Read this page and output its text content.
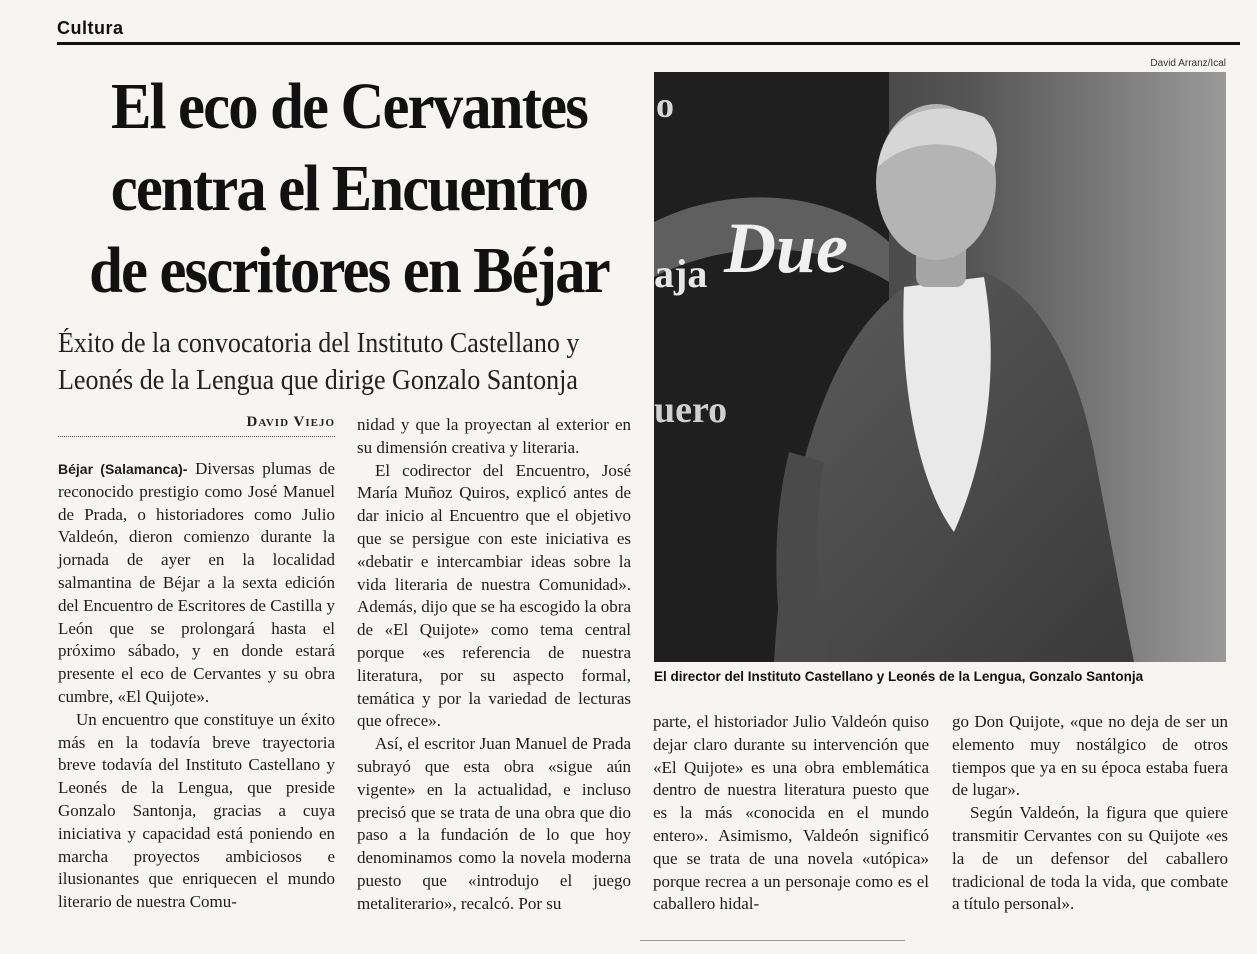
Cultura
El eco de Cervantes centra el Encuentro de escritores en Béjar

Éxito de la convocatoria del Instituto Castellano y Leonés de la Lengua que dirige Gonzalo Santonja

David Viejo

Béjar (Salamanca)- Diversas plumas de reconocido prestigio como José Manuel de Prada, o historiadores como Julio Valdeón, dieron comienzo durante la jornada de ayer en la localidad salmantina de Béjar a la sexta edición del Encuentro de Escritores de Castilla y León que se prolongará hasta el próximo sábado, y en donde estará presente el eco de Cervantes y su obra cumbre, «El Quijote».

Un encuentro que constituye un éxito más en la todavía breve trayectoria breve todavía del Instituto Castellano y Leonés de la Lengua, que preside Gonzalo Santonja, gracias a cuya iniciativa y capacidad está poniendo en marcha proyectos ambiciosos e ilusionantes que enriquecen el mundo literario de nuestra Comu-

nidad y que la proyectan al exterior en su dimensión creativa y literaria.

El codirector del Encuentro, José María Muñoz Quiros, explicó antes de dar inicio al Encuentro que el objetivo que se persigue con este iniciativa es «debatir e intercambiar ideas sobre la vida literaria de nuestra Comunidad». Además, dijo que se ha escogido la obra de «El Quijote» como tema central porque «es referencia de nuestra literatura, por su aspecto formal, temática y por la variedad de lecturas que ofrece».

Así, el escritor Juan Manuel de Prada subrayó que esta obra «sigue aún vigente» en la actualidad, e incluso precisó que se trata de una obra que dio paso a la fundación de lo que hoy denominamos como la novela moderna puesto que «introdujo el juego metaliterario», recalcó. Por su

David Arranz/Ical
o
aja Due
uero
El director del Instituto Castellano y Leonés de la Lengua, Gonzalo Santonja

parte, el historiador Julio Valdeón quiso dejar claro durante su intervención que «El Quijote» es una obra emblemática dentro de nuestra literatura puesto que es la más «conocida en el mundo entero». Asimismo, Valdeón significó que se trata de una novela «utópica» porque recrea a un personaje como es el caballero hidal-

go Don Quijote, «que no deja de ser un elemento muy nostálgico de otros tiempos que ya en su época estaba fuera de lugar».

Según Valdeón, la figura que quiere transmitir Cervantes con su Quijote «es la de un defensor del caballero tradicional de toda la vida, que combate a título personal».
